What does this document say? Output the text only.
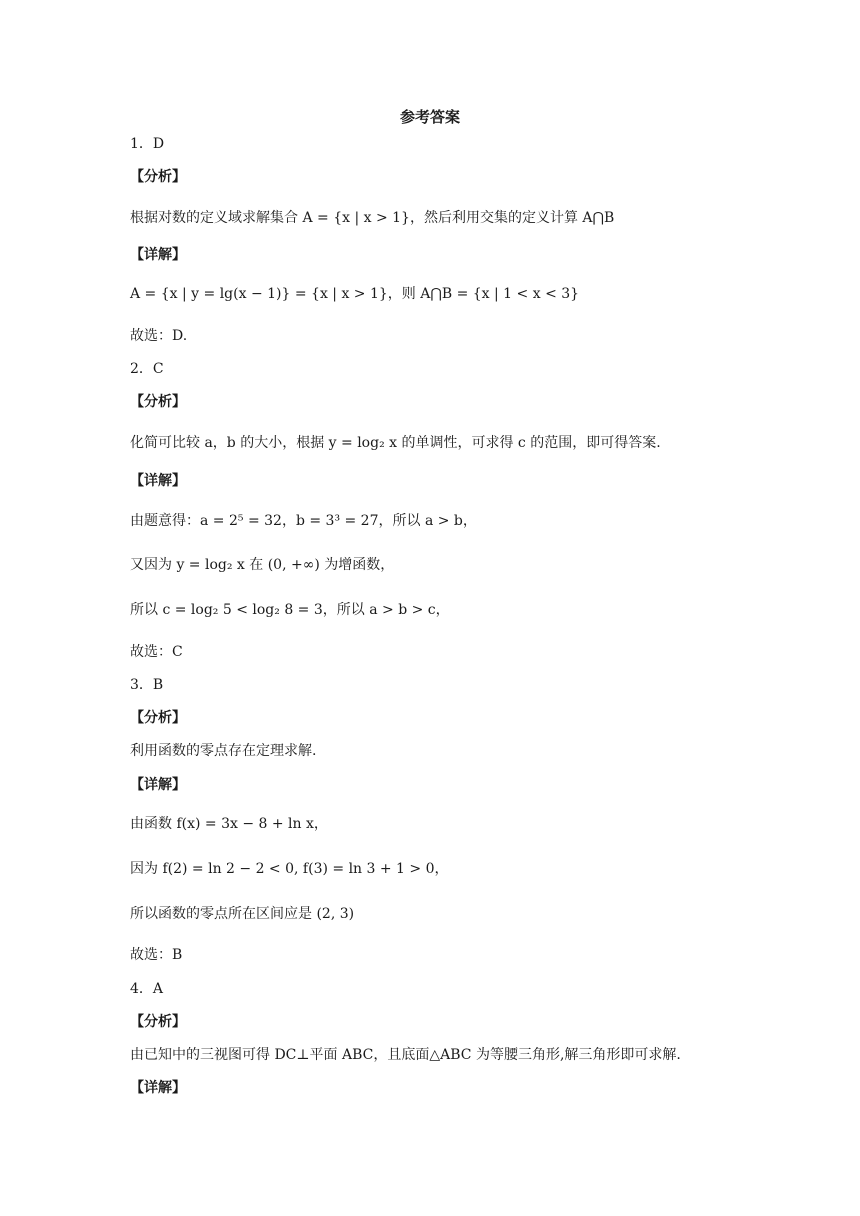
参考答案
1．D
【分析】
根据对数的定义域求解集合 A = {x | x > 1}，然后利用交集的定义计算 A⋂B
【详解】
A = {x | y = lg(x − 1)} = {x | x > 1}，则 A⋂B = {x | 1 < x < 3}
故选：D.
2．C
【分析】
化简可比较 a，b 的大小，根据 y = log₂ x 的单调性，可求得 c 的范围，即可得答案.
【详解】
由题意得：a = 2⁵ = 32，b = 3³ = 27，所以 a > b，
又因为 y = log₂ x 在 (0, +∞) 为增函数，
所以 c = log₂ 5 < log₂ 8 = 3，所以 a > b > c，
故选：C
3．B
【分析】
利用函数的零点存在定理求解.
【详解】
由函数 f(x) = 3x − 8 + ln x，
因为 f(2) = ln 2 − 2 < 0, f(3) = ln 3 + 1 > 0，
所以函数的零点所在区间应是 (2, 3)
故选：B
4．A
【分析】
由已知中的三视图可得 DC⊥平面 ABC，且底面△ABC 为等腰三角形,解三角形即可求解.
【详解】
